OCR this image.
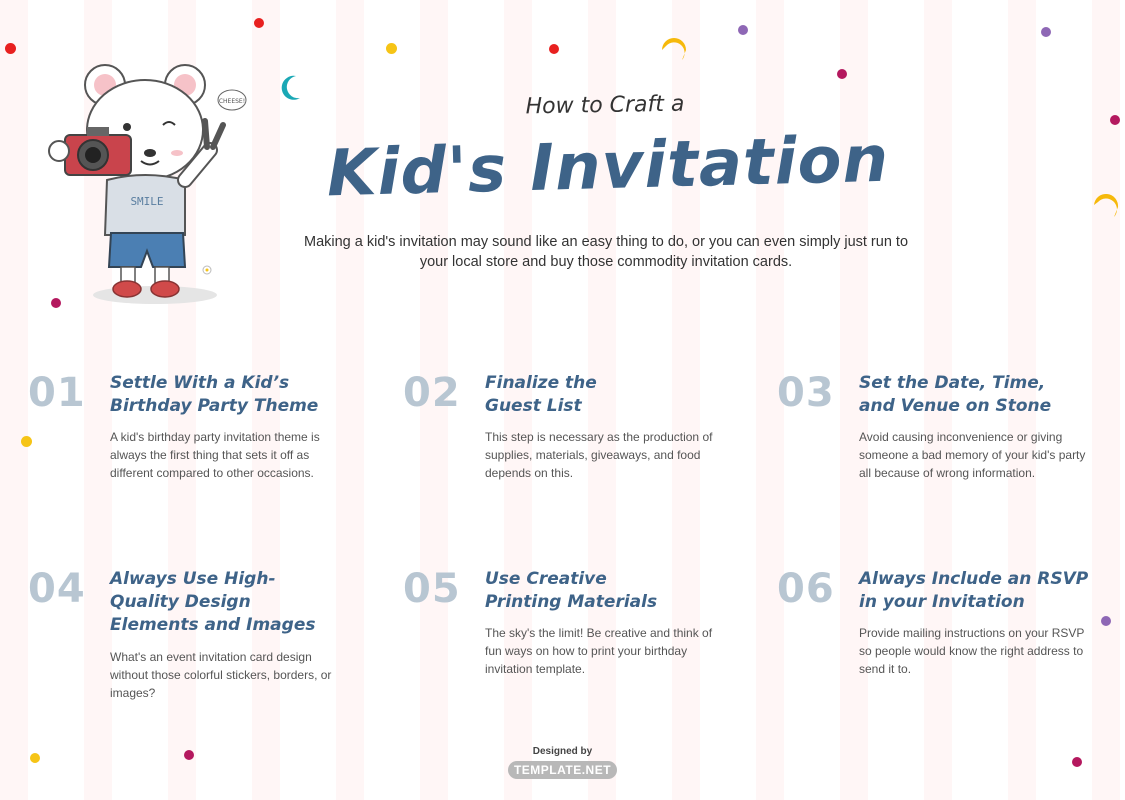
SMILE
CHEESE!	How to Craft a
Kid's Invitation
Making a kid's invitation may sound like an easy thing to do, or you can even simply just run to your local store and buy those commodity invitation cards.
01 Settle With a Kid’s Birthday Party Theme
A kid's birthday party invitation theme is always the first thing that sets it off as different compared to other occasions.
02 Finalize the Guest List
This step is necessary as the production of supplies, materials, giveaways, and food depends on this.
03 Set the Date, Time, and Venue on Stone
Avoid causing inconvenience or giving someone a bad memory of your kid's party all because of wrong information.
04 Always Use High-Quality Design Elements and Images
What's an event invitation card design without those colorful stickers, borders, or images?
05 Use Creative Printing Materials
The sky's the limit! Be creative and think of fun ways on how to print your birthday invitation template.
06 Always Include an RSVP in your Invitation
Provide mailing instructions on your RSVP so people would know the right address to send it to.
Designed by
TEMPLATE.NET
